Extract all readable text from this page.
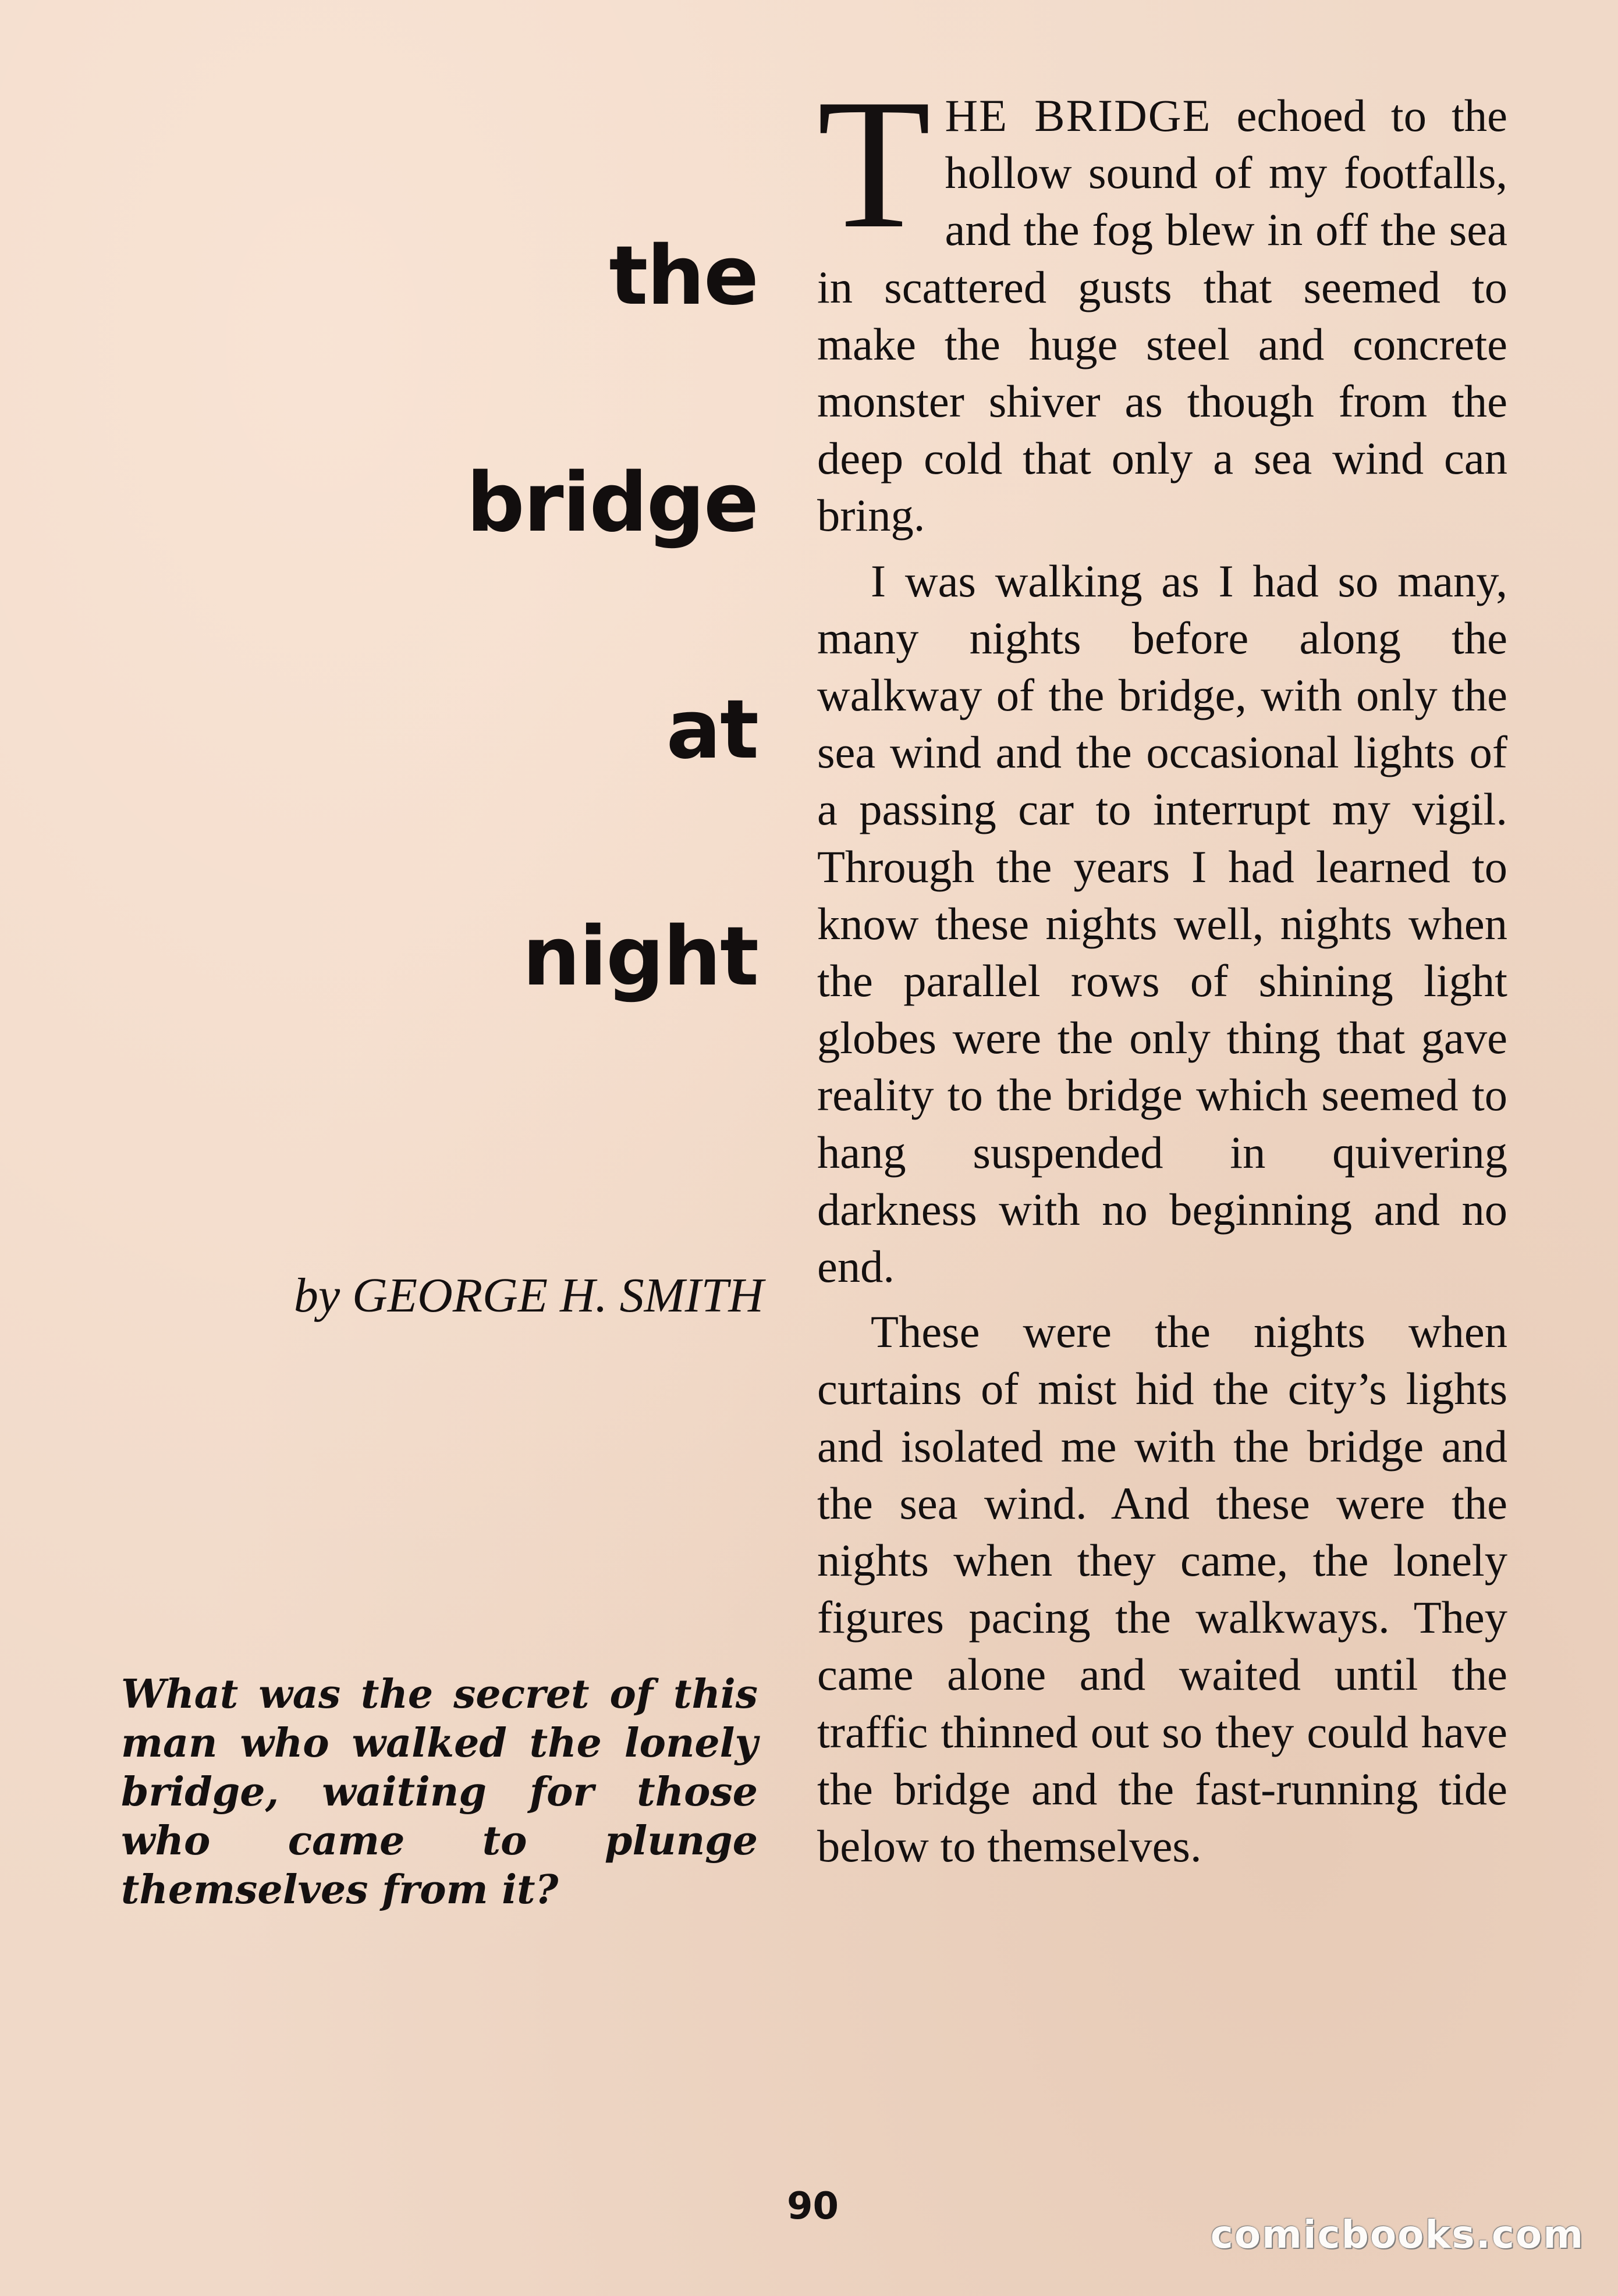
the
bridge
at
night

by GEORGE H. SMITH

What was the secret of this man who walked the lonely bridge, waiting for those who came to plunge themselves from it?

THE BRIDGE echoed to the hollow sound of my footfalls, and the fog blew in off the sea in scattered gusts that seemed to make the huge steel and concrete monster shiver as though from the deep cold that only a sea wind can bring.

I was walking as I had so many, many nights before along the walkway of the bridge, with only the sea wind and the occasional lights of a passing car to interrupt my vigil. Through the years I had learned to know these nights well, nights when the parallel rows of shining light globes were the only thing that gave reality to the bridge which seemed to hang suspended in quivering darkness with no beginning and no end.

These were the nights when curtains of mist hid the city’s lights and isolated me with the bridge and the sea wind. And these were the nights when they came, the lonely figures pacing the walkways. They came alone and waited until the traffic thinned out so they could have the bridge and the fast-running tide below to themselves.

90

comicbooks.com
